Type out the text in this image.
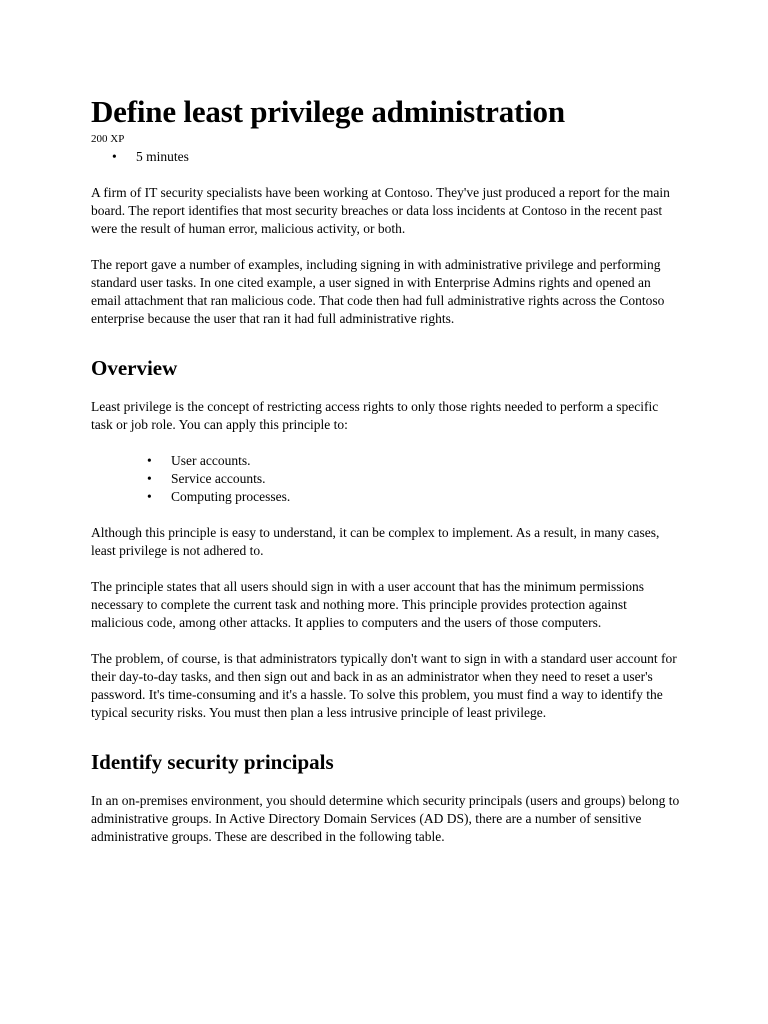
Define least privilege administration
200 XP
• 5 minutes

A firm of IT security specialists have been working at Contoso. They've just produced a report for the main board. The report identifies that most security breaches or data loss incidents at Contoso in the recent past were the result of human error, malicious activity, or both.

The report gave a number of examples, including signing in with administrative privilege and performing standard user tasks. In one cited example, a user signed in with Enterprise Admins rights and opened an email attachment that ran malicious code. That code then had full administrative rights across the Contoso enterprise because the user that ran it had full administrative rights.

Overview

Least privilege is the concept of restricting access rights to only those rights needed to perform a specific task or job role. You can apply this principle to:

• User accounts.
• Service accounts.
• Computing processes.

Although this principle is easy to understand, it can be complex to implement. As a result, in many cases, least privilege is not adhered to.

The principle states that all users should sign in with a user account that has the minimum permissions necessary to complete the current task and nothing more. This principle provides protection against malicious code, among other attacks. It applies to computers and the users of those computers.

The problem, of course, is that administrators typically don't want to sign in with a standard user account for their day-to-day tasks, and then sign out and back in as an administrator when they need to reset a user's password. It's time-consuming and it's a hassle. To solve this problem, you must find a way to identify the typical security risks. You must then plan a less intrusive principle of least privilege.

Identify security principals

In an on-premises environment, you should determine which security principals (users and groups) belong to administrative groups. In Active Directory Domain Services (AD DS), there are a number of sensitive administrative groups. These are described in the following table.
